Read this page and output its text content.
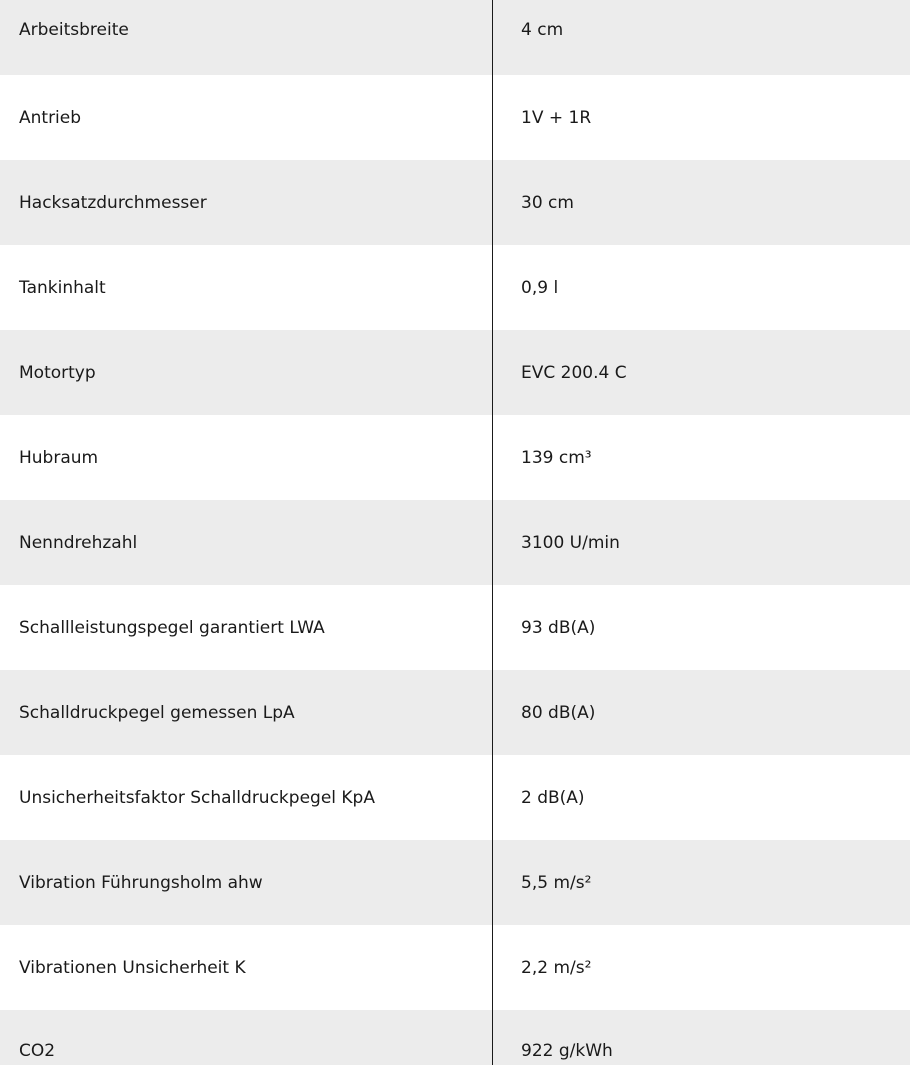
Arbeitsbreite	4 cm
Antrieb	1V + 1R
Hacksatzdurchmesser	30 cm
Tankinhalt	0,9 l
Motortyp	EVC 200.4 C
Hubraum	139 cm³
Nenndrehzahl	3100 U/min
Schallleistungspegel garantiert LWA	93 dB(A)
Schalldruckpegel gemessen LpA	80 dB(A)
Unsicherheitsfaktor Schalldruckpegel KpA	2 dB(A)
Vibration Führungsholm ahw	5,5 m/s²
Vibrationen Unsicherheit K	2,2 m/s²
CO2	922 g/kWh
